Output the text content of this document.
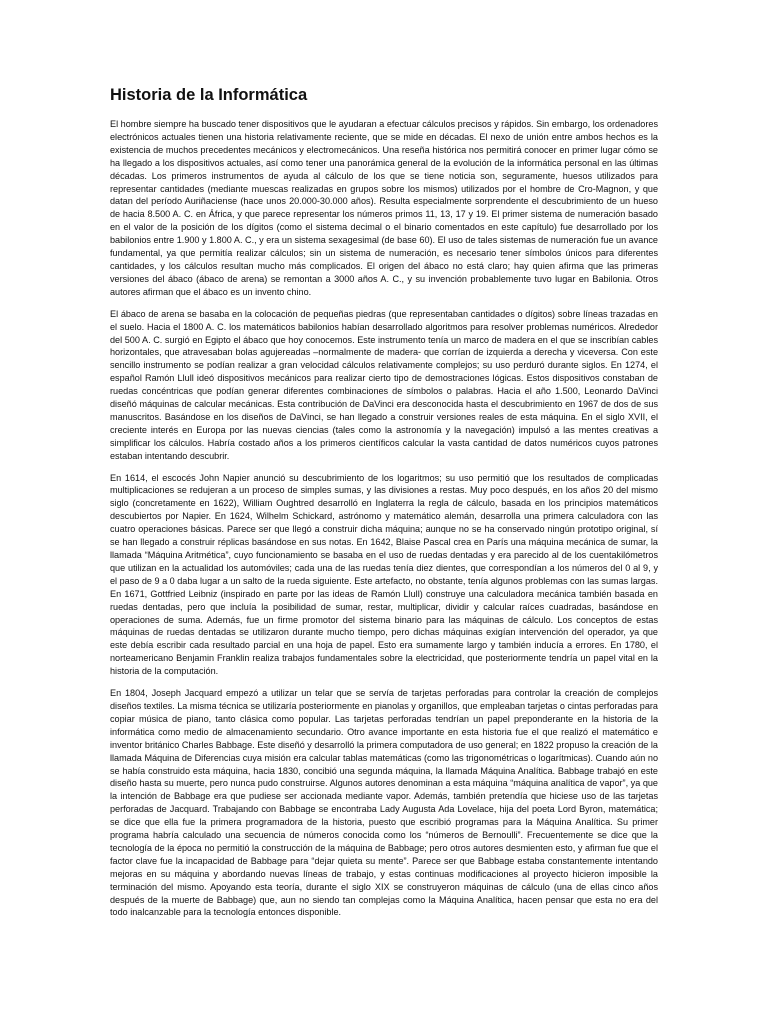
Historia de la Informática

El hombre siempre ha buscado tener dispositivos que le ayudaran a efectuar cálculos precisos y rápidos. Sin embargo, los ordenadores electrónicos actuales tienen una historia relativamente reciente, que se mide en décadas. El nexo de unión entre ambos hechos es la existencia de muchos precedentes mecánicos y electromecánicos. Una reseña histórica nos permitirá conocer en primer lugar cómo se ha llegado a los dispositivos actuales, así como tener una panorámica general de la evolución de la informática personal en las últimas décadas. Los primeros instrumentos de ayuda al cálculo de los que se tiene noticia son, seguramente, huesos utilizados para representar cantidades (mediante muescas realizadas en grupos sobre los mismos) utilizados por el hombre de Cro-Magnon, y que datan del período Auriñaciense (hace unos 20.000-30.000 años). Resulta especialmente sorprendente el descubrimiento de un hueso de hacia 8.500 A. C. en África, y que parece representar los números primos 11, 13, 17 y 19. El primer sistema de numeración basado en el valor de la posición de los dígitos (como el sistema decimal o el binario comentados en este capítulo) fue desarrollado por los babilonios entre 1.900 y 1.800 A. C., y era un sistema sexagesimal (de base 60). El uso de tales sistemas de numeración fue un avance fundamental, ya que permitía realizar cálculos; sin un sistema de numeración, es necesario tener símbolos únicos para diferentes cantidades, y los cálculos resultan mucho más complicados. El origen del ábaco no está claro; hay quien afirma que las primeras versiones del ábaco (ábaco de arena) se remontan a 3000 años A. C., y su invención probablemente tuvo lugar en Babilonia. Otros autores afirman que el ábaco es un invento chino.

El ábaco de arena se basaba en la colocación de pequeñas piedras (que representaban cantidades o dígitos) sobre líneas trazadas en el suelo. Hacia el 1800 A. C. los matemáticos babilonios habían desarrollado algoritmos para resolver problemas numéricos. Alrededor del 500 A. C. surgió en Egipto el ábaco que hoy conocemos. Este instrumento tenía un marco de madera en el que se inscribían cables horizontales, que atravesaban bolas agujereadas –normalmente de madera- que corrían de izquierda a derecha y viceversa. Con este sencillo instrumento se podían realizar a gran velocidad cálculos relativamente complejos; su uso perduró durante siglos. En 1274, el español Ramón Llull ideó dispositivos mecánicos para realizar cierto tipo de demostraciones lógicas. Estos dispositivos constaban de ruedas concéntricas que podían generar diferentes combinaciones de símbolos o palabras. Hacia el año 1.500, Leonardo DaVinci diseñó máquinas de calcular mecánicas. Esta contribución de DaVinci era desconocida hasta el descubrimiento en 1967 de dos de sus manuscritos. Basándose en los diseños de DaVinci, se han llegado a construir versiones reales de esta máquina. En el siglo XVII, el creciente interés en Europa por las nuevas ciencias (tales como la astronomía y la navegación) impulsó a las mentes creativas a simplificar los cálculos. Habría costado años a los primeros científicos calcular la vasta cantidad de datos numéricos cuyos patrones estaban intentando descubrir.

En 1614, el escocés John Napier anunció su descubrimiento de los logaritmos; su uso permitió que los resultados de complicadas multiplicaciones se redujeran a un proceso de simples sumas, y las divisiones a restas. Muy poco después, en los años 20 del mismo siglo (concretamente en 1622), William Oughtred desarrolló en Inglaterra la regla de cálculo, basada en los principios matemáticos descubiertos por Napier. En 1624, Wilhelm Schickard, astrónomo y matemático alemán, desarrolla una primera calculadora con las cuatro operaciones básicas. Parece ser que llegó a construir dicha máquina; aunque no se ha conservado ningún prototipo original, sí se han llegado a construir réplicas basándose en sus notas. En 1642, Blaise Pascal crea en París una máquina mecánica de sumar, la llamada “Máquina Aritmética”, cuyo funcionamiento se basaba en el uso de ruedas dentadas y era parecido al de los cuentakilómetros que utilizan en la actualidad los automóviles; cada una de las ruedas tenía diez dientes, que correspondían a los números del 0 al 9, y el paso de 9 a 0 daba lugar a un salto de la rueda siguiente. Este artefacto, no obstante, tenía algunos problemas con las sumas largas. En 1671, Gottfried Leibniz (inspirado en parte por las ideas de Ramón Llull) construye una calculadora mecánica también basada en ruedas dentadas, pero que incluía la posibilidad de sumar, restar, multiplicar, dividir y calcular raíces cuadradas, basándose en operaciones de suma. Además, fue un firme promotor del sistema binario para las máquinas de cálculo. Los conceptos de estas máquinas de ruedas dentadas se utilizaron durante mucho tiempo, pero dichas máquinas exigían intervención del operador, ya que este debía escribir cada resultado parcial en una hoja de papel. Esto era sumamente largo y también inducía a errores. En 1780, el norteamericano Benjamin Franklin realiza trabajos fundamentales sobre la electricidad, que posteriormente tendría un papel vital en la historia de la computación.

En 1804, Joseph Jacquard empezó a utilizar un telar que se servía de tarjetas perforadas para controlar la creación de complejos diseños textiles. La misma técnica se utilizaría posteriormente en pianolas y organillos, que empleaban tarjetas o cintas perforadas para copiar música de piano, tanto clásica como popular. Las tarjetas perforadas tendrían un papel preponderante en la historia de la informática como medio de almacenamiento secundario. Otro avance importante en esta historia fue el que realizó el matemático e inventor británico Charles Babbage. Este diseñó y desarrolló la primera computadora de uso general; en 1822 propuso la creación de la llamada Máquina de Diferencias cuya misión era calcular tablas matemáticas (como las trigonométricas o logarítmicas). Cuando aún no se había construido esta máquina, hacia 1830, concibió una segunda máquina, la llamada Máquina Analítica. Babbage trabajó en este diseño hasta su muerte, pero nunca pudo construirse. Algunos autores denominan a esta máquina “máquina analítica de vapor”, ya que la intención de Babbage era que pudiese ser accionada mediante vapor. Además, también pretendía que hiciese uso de las tarjetas perforadas de Jacquard. Trabajando con Babbage se encontraba Lady Augusta Ada Lovelace, hija del poeta Lord Byron, matemática; se dice que ella fue la primera programadora de la historia, puesto que escribió programas para la Máquina Analítica. Su primer programa habría calculado una secuencia de números conocida como los “números de Bernoulli”. Frecuentemente se dice que la tecnología de la época no permitió la construcción de la máquina de Babbage; pero otros autores desmienten esto, y afirman fue que el factor clave fue la incapacidad de Babbage para “dejar quieta su mente”. Parece ser que Babbage estaba constantemente intentando mejoras en su máquina y abordando nuevas líneas de trabajo, y estas continuas modificaciones al proyecto hicieron imposible la terminación del mismo. Apoyando esta teoría, durante el siglo XIX se construyeron máquinas de cálculo (una de ellas cinco años después de la muerte de Babbage) que, aun no siendo tan complejas como la Máquina Analítica, hacen pensar que esta no era del todo inalcanzable para la tecnología entonces disponible.
